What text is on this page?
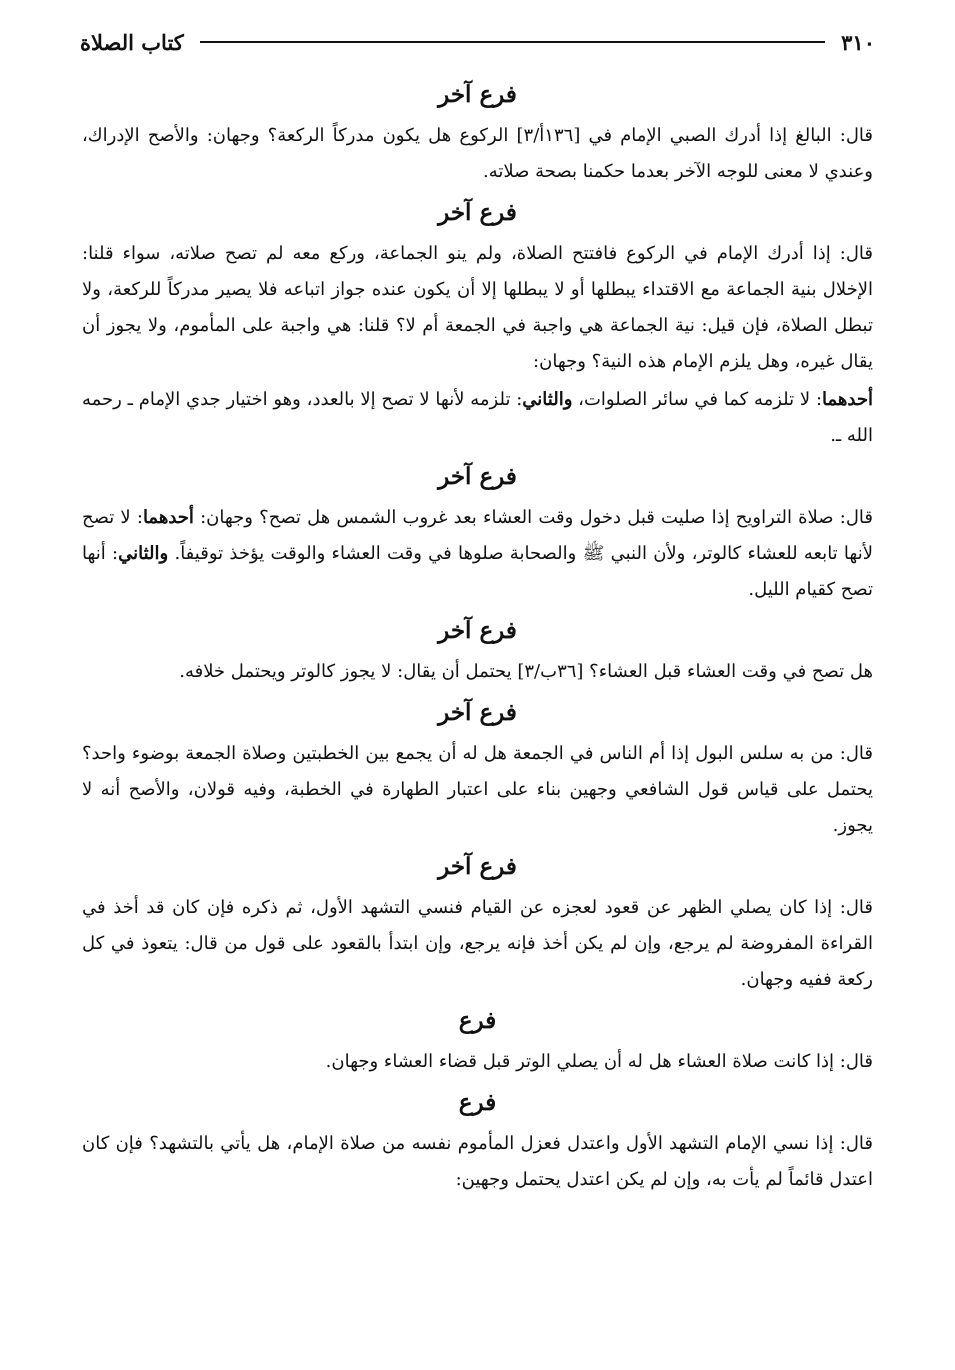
٣١٠
كتاب الصلاة
فرع آخر

قال: البالغ إذا أدرك الصبي الإمام في [١٣٦أ/٣] الركوع هل يكون مدركاً الركعة؟ وجهان: والأصح الإدراك، وعندي لا معنى للوجه الآخر بعدما حكمنا بصحة صلاته.

فرع آخر

قال: إذا أدرك الإمام في الركوع فافتتح الصلاة، ولم ينو الجماعة، وركع معه لم تصح صلاته، سواء قلنا: الإخلال بنية الجماعة مع الاقتداء يبطلها أو لا يبطلها إلا أن يكون عنده جواز اتباعه فلا يصير مدركاً للركعة، ولا تبطل الصلاة، فإن قيل: نية الجماعة هي واجبة في الجمعة أم لا؟ قلنا: هي واجبة على المأموم، ولا يجوز أن يقال غيره، وهل يلزم الإمام هذه النية؟ وجهان:

أحدهما: لا تلزمه كما في سائر الصلوات، والثاني: تلزمه لأنها لا تصح إلا بالعدد، وهو اختيار جدي الإمام ـ رحمه الله ـ.

فرع آخر

قال: صلاة التراويح إذا صليت قبل دخول وقت العشاء بعد غروب الشمس هل تصح؟ وجهان: أحدهما: لا تصح لأنها تابعه للعشاء كالوتر، ولأن النبي ﷺ والصحابة صلوها في وقت العشاء والوقت يؤخذ توقيفاً. والثاني: أنها تصح كقيام الليل.

فرع آخر

هل تصح في وقت العشاء قبل العشاء؟ [٣٦ب/٣] يحتمل أن يقال: لا يجوز كالوتر ويحتمل خلافه.

فرع آخر

قال: من به سلس البول إذا أم الناس في الجمعة هل له أن يجمع بين الخطبتين وصلاة الجمعة بوضوء واحد؟ يحتمل على قياس قول الشافعي وجهين بناء على اعتبار الطهارة في الخطبة، وفيه قولان، والأصح أنه لا يجوز.

فرع آخر

قال: إذا كان يصلي الظهر عن قعود لعجزه عن القيام فنسي التشهد الأول، ثم ذكره فإن كان قد أخذ في القراءة المفروضة لم يرجع، وإن لم يكن أخذ فإنه يرجع، وإن ابتدأ بالقعود على قول من قال: يتعوذ في كل ركعة ففيه وجهان.

فرع

قال: إذا كانت صلاة العشاء هل له أن يصلي الوتر قبل قضاء العشاء وجهان.

فرع

قال: إذا نسي الإمام التشهد الأول واعتدل فعزل المأموم نفسه من صلاة الإمام، هل يأتي بالتشهد؟ فإن كان اعتدل قائماً لم يأت به، وإن لم يكن اعتدل يحتمل وجهين:
